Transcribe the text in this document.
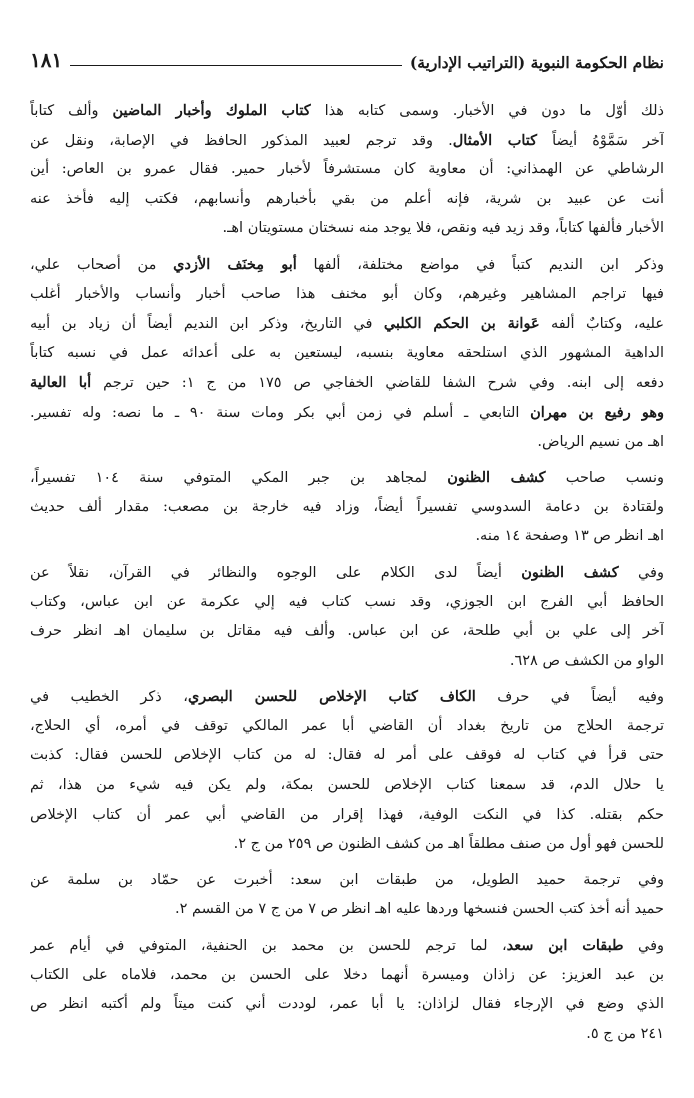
نظام الحكومة النبوية (التراتيب الإدارية)
١٨١
ذلك أوّل ما دون في الأخبار. وسمى كتابه هذا كتاب الملوك وأخبار الماضين وألف كتاباً
آخر سَمَّوْهُ أيضاً كتاب الأمثال. وقد ترجم لعبيد المذكور الحافظ في الإصابة، ونقل عن
الرشاطي عن الهمذاني: أن معاوية كان مستشرفاً لأخبار حمير. فقال عمرو بن العاص: أين
أنت عن عبيد بن شرية، فإنه أعلم من بقي بأخبارهم وأنسابهم، فكتب إليه فأخذ عنه
الأخبار فألفها كتاباً، وقد زيد فيه ونقص، فلا يوجد منه نسختان مستويتان اهـ.
وذكر ابن النديم كتباً في مواضع مختلفة، ألفها أبو مِخنَف الأزدي من أصحاب علي،
فيها تراجم المشاهير وغيرهم، وكان أبو مخنف هذا صاحب أخبار وأنساب والأخبار أغلب
عليه، وكتابٌ ألفه عَوانة بن الحكم الكلبي في التاريخ، وذكر ابن النديم أيضاً أن زياد بن أبيه
الداهية المشهور الذي استلحقه معاوية بنسبه، ليستعين به على أعدائه عمل في نسبه كتاباً
دفعه إلى ابنه. وفي شرح الشفا للقاضي الخفاجي ص ١٧٥ من ج ١: حين ترجم أبا العالية
وهو رفيع بن مهران التابعي ـ أسلم في زمن أبي بكر ومات سنة ٩٠ ـ ما نصه: وله تفسير.
اهـ من نسيم الرياض.
ونسب صاحب كشف الظنون لمجاهد بن جبر المكي المتوفي سنة ١٠٤ تفسيراً،
ولقتادة بن دعامة السدوسي تفسيراً أيضاً، وزاد فيه خارجة بن مصعب: مقدار ألف حديث
اهـ انظر ص ١٣ وصفحة ١٤ منه.
وفي كشف الظنون أيضاً لدى الكلام على الوجوه والنظائر في القرآن، نقلاً عن
الحافظ أبي الفرج ابن الجوزي، وقد نسب كتاب فيه إلي عكرمة عن ابن عباس، وكتاب
آخر إلى علي بن أبي طلحة، عن ابن عباس. وألف فيه مقاتل بن سليمان اهـ انظر حرف
الواو من الكشف ص ٦٢٨.
وفيه أيضاً في حرف الكاف كتاب الإخلاص للحسن البصري، ذكر الخطيب في
ترجمة الحلاج من تاريخ بغداد أن القاضي أبا عمر المالكي توقف في أمره، أي الحلاج،
حتى قرأ في كتاب له فوقف على أمر له فقال: له من كتاب الإخلاص للحسن فقال: كذبت
يا حلال الدم، قد سمعنا كتاب الإخلاص للحسن بمكة، ولم يكن فيه شيء من هذا، ثم
حكم بقتله. كذا في النكت الوفية، فهذا إقرار من القاضي أبي عمر أن كتاب الإخلاص
للحسن فهو أول من صنف مطلقاً اهـ من كشف الظنون ص ٢٥٩ من ج ٢.
وفي ترجمة حميد الطويل، من طبقات ابن سعد: أخبرت عن حمّاد بن سلمة عن
حميد أنه أخذ كتب الحسن فنسخها وردها عليه اهـ انظر ص ٧ من ج ٧ من القسم ٢.
وفي طبقات ابن سعد، لما ترجم للحسن بن محمد بن الحنفية، المتوفي في أيام عمر
بن عبد العزيز: عن زاذان وميسرة أنهما دخلا على الحسن بن محمد، فلاماه على الكتاب
الذي وضع في الإرجاء فقال لزاذان: يا أبا عمر، لوددت أني كنت ميتاً ولم أكتبه انظر ص
٢٤١ من ج ٥.
